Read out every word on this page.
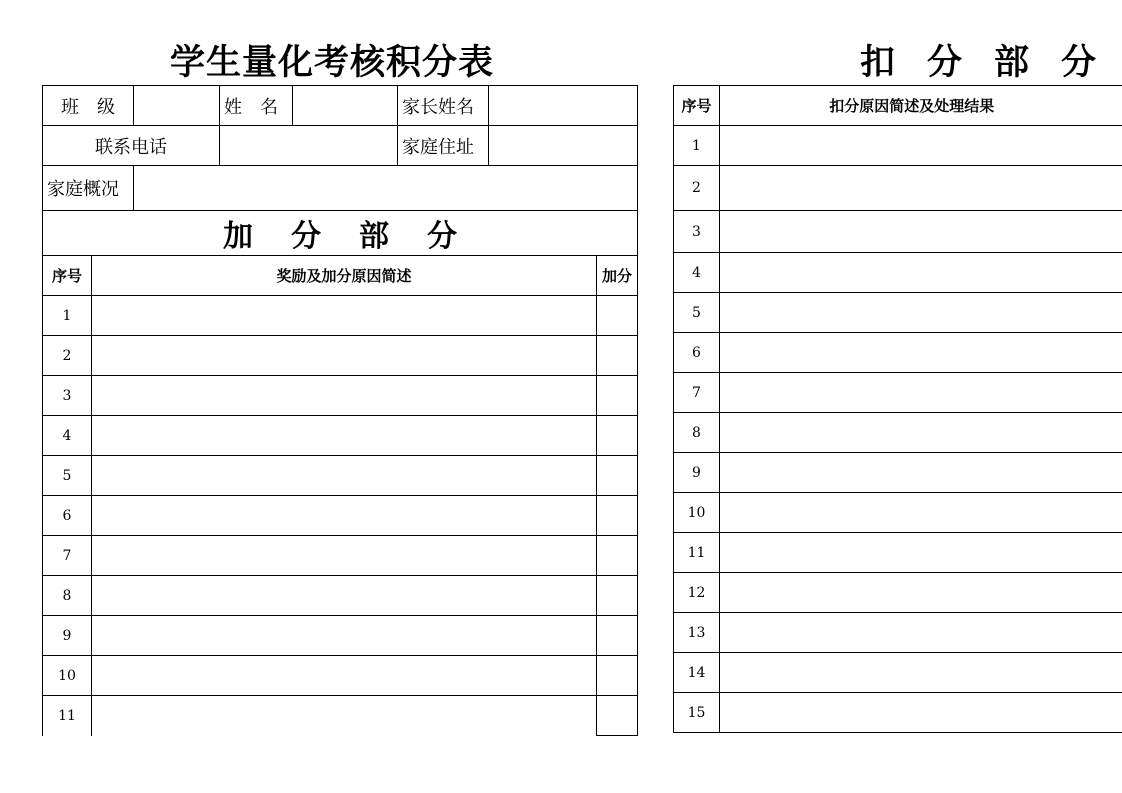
学生量化考核积分表	扣 分 部 分
班　级			姓　名		家长姓名		
联系电话					家庭住址		
家庭概况							
加 分 部 分							
序号	奖励及加分原因简述						加分
1							
2							
3							
4							
5							
6							
7							
8							
9							
10							
11							
序号	扣分原因简述及处理结果
1	
2	
3	
4	
5	
6	
7	
8	
9	
10	
11	
12	
13	
14	
15	
